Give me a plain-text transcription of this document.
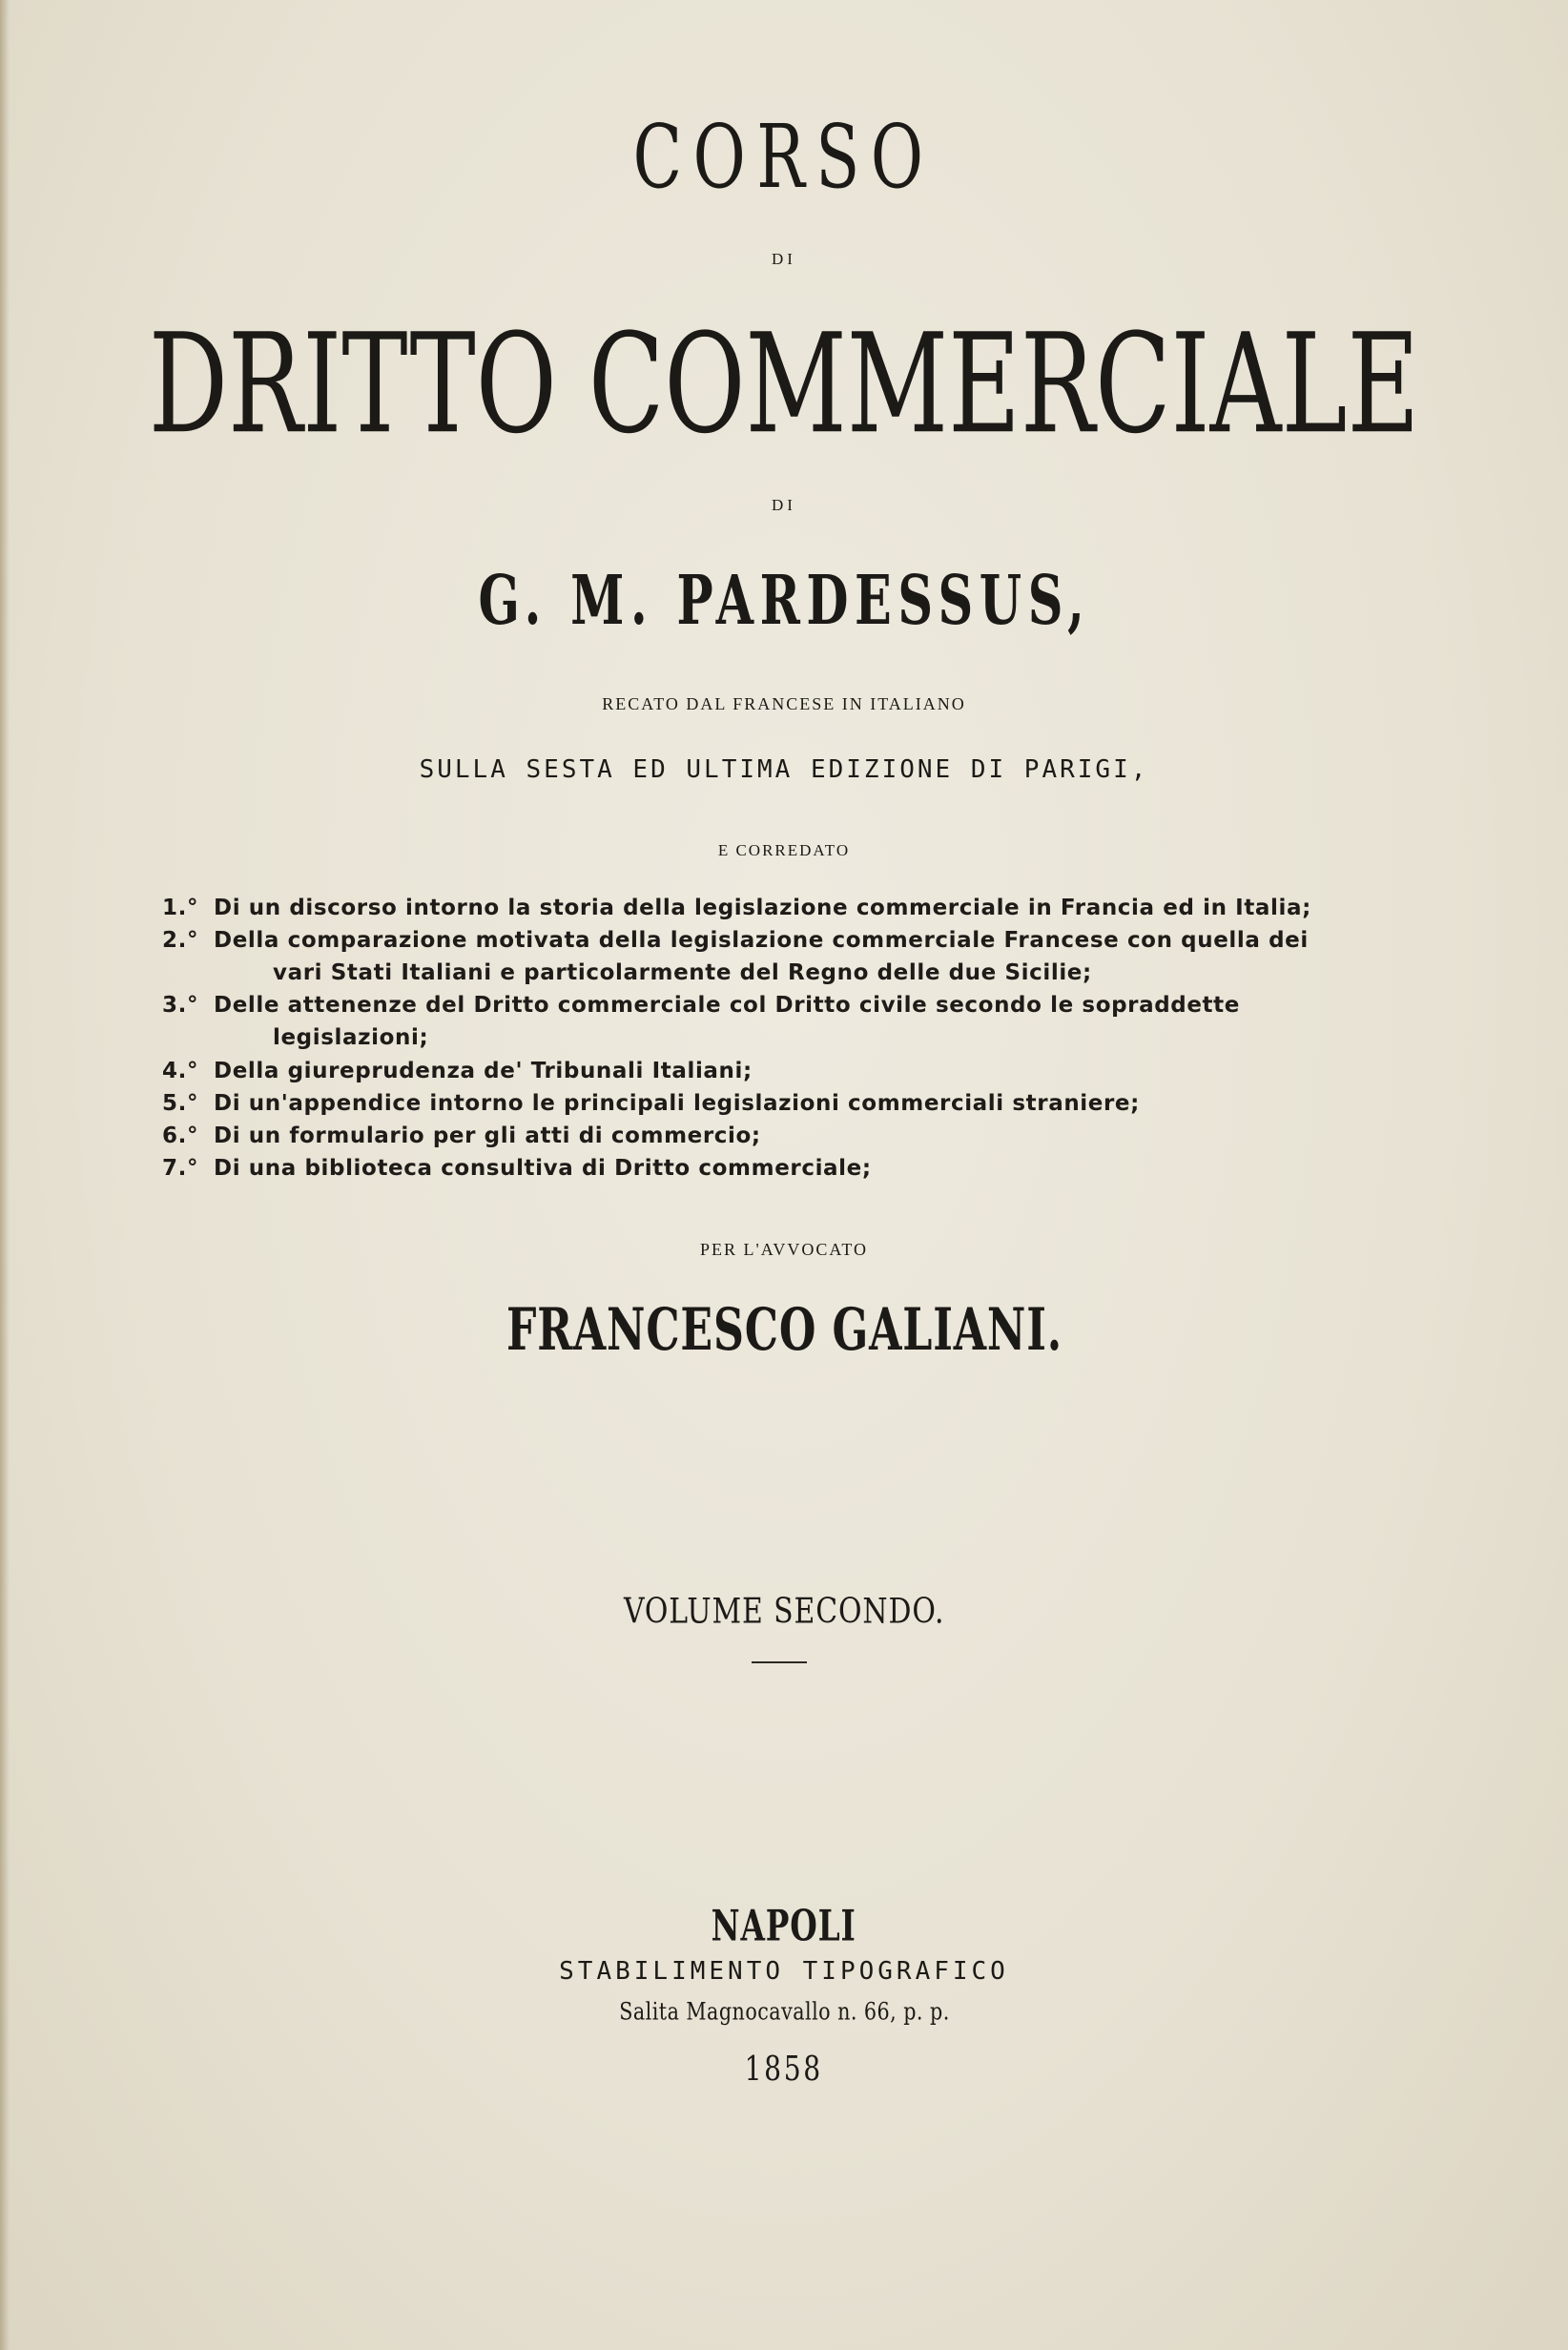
CORSO
DI
DRITTO COMMERCIALE
DI
G. M. PARDESSUS,
RECATO DAL FRANCESE IN ITALIANO
SULLA SESTA ED ULTIMA EDIZIONE DI PARIGI,
E CORREDATO

1.° Di un discorso intorno la storia della legislazione commerciale in Francia ed in Italia;

2.° Della comparazione motivata della legislazione commerciale Francese con quella dei

vari Stati Italiani e particolarmente del Regno delle due Sicilie;

3.° Delle attenenze del Dritto commerciale col Dritto civile secondo le sopraddette

legislazioni;

4.° Della giureprudenza de' Tribunali Italiani;

5.° Di un'appendice intorno le principali legislazioni commerciali straniere;

6.° Di un formulario per gli atti di commercio;

7.° Di una biblioteca consultiva di Dritto commerciale;

PER L'AVVOCATO
FRANCESCO GALIANI.
VOLUME SECONDO.
NAPOLI
STABILIMENTO TIPOGRAFICO
Salita Magnocavallo n. 66, p. p.
1858
